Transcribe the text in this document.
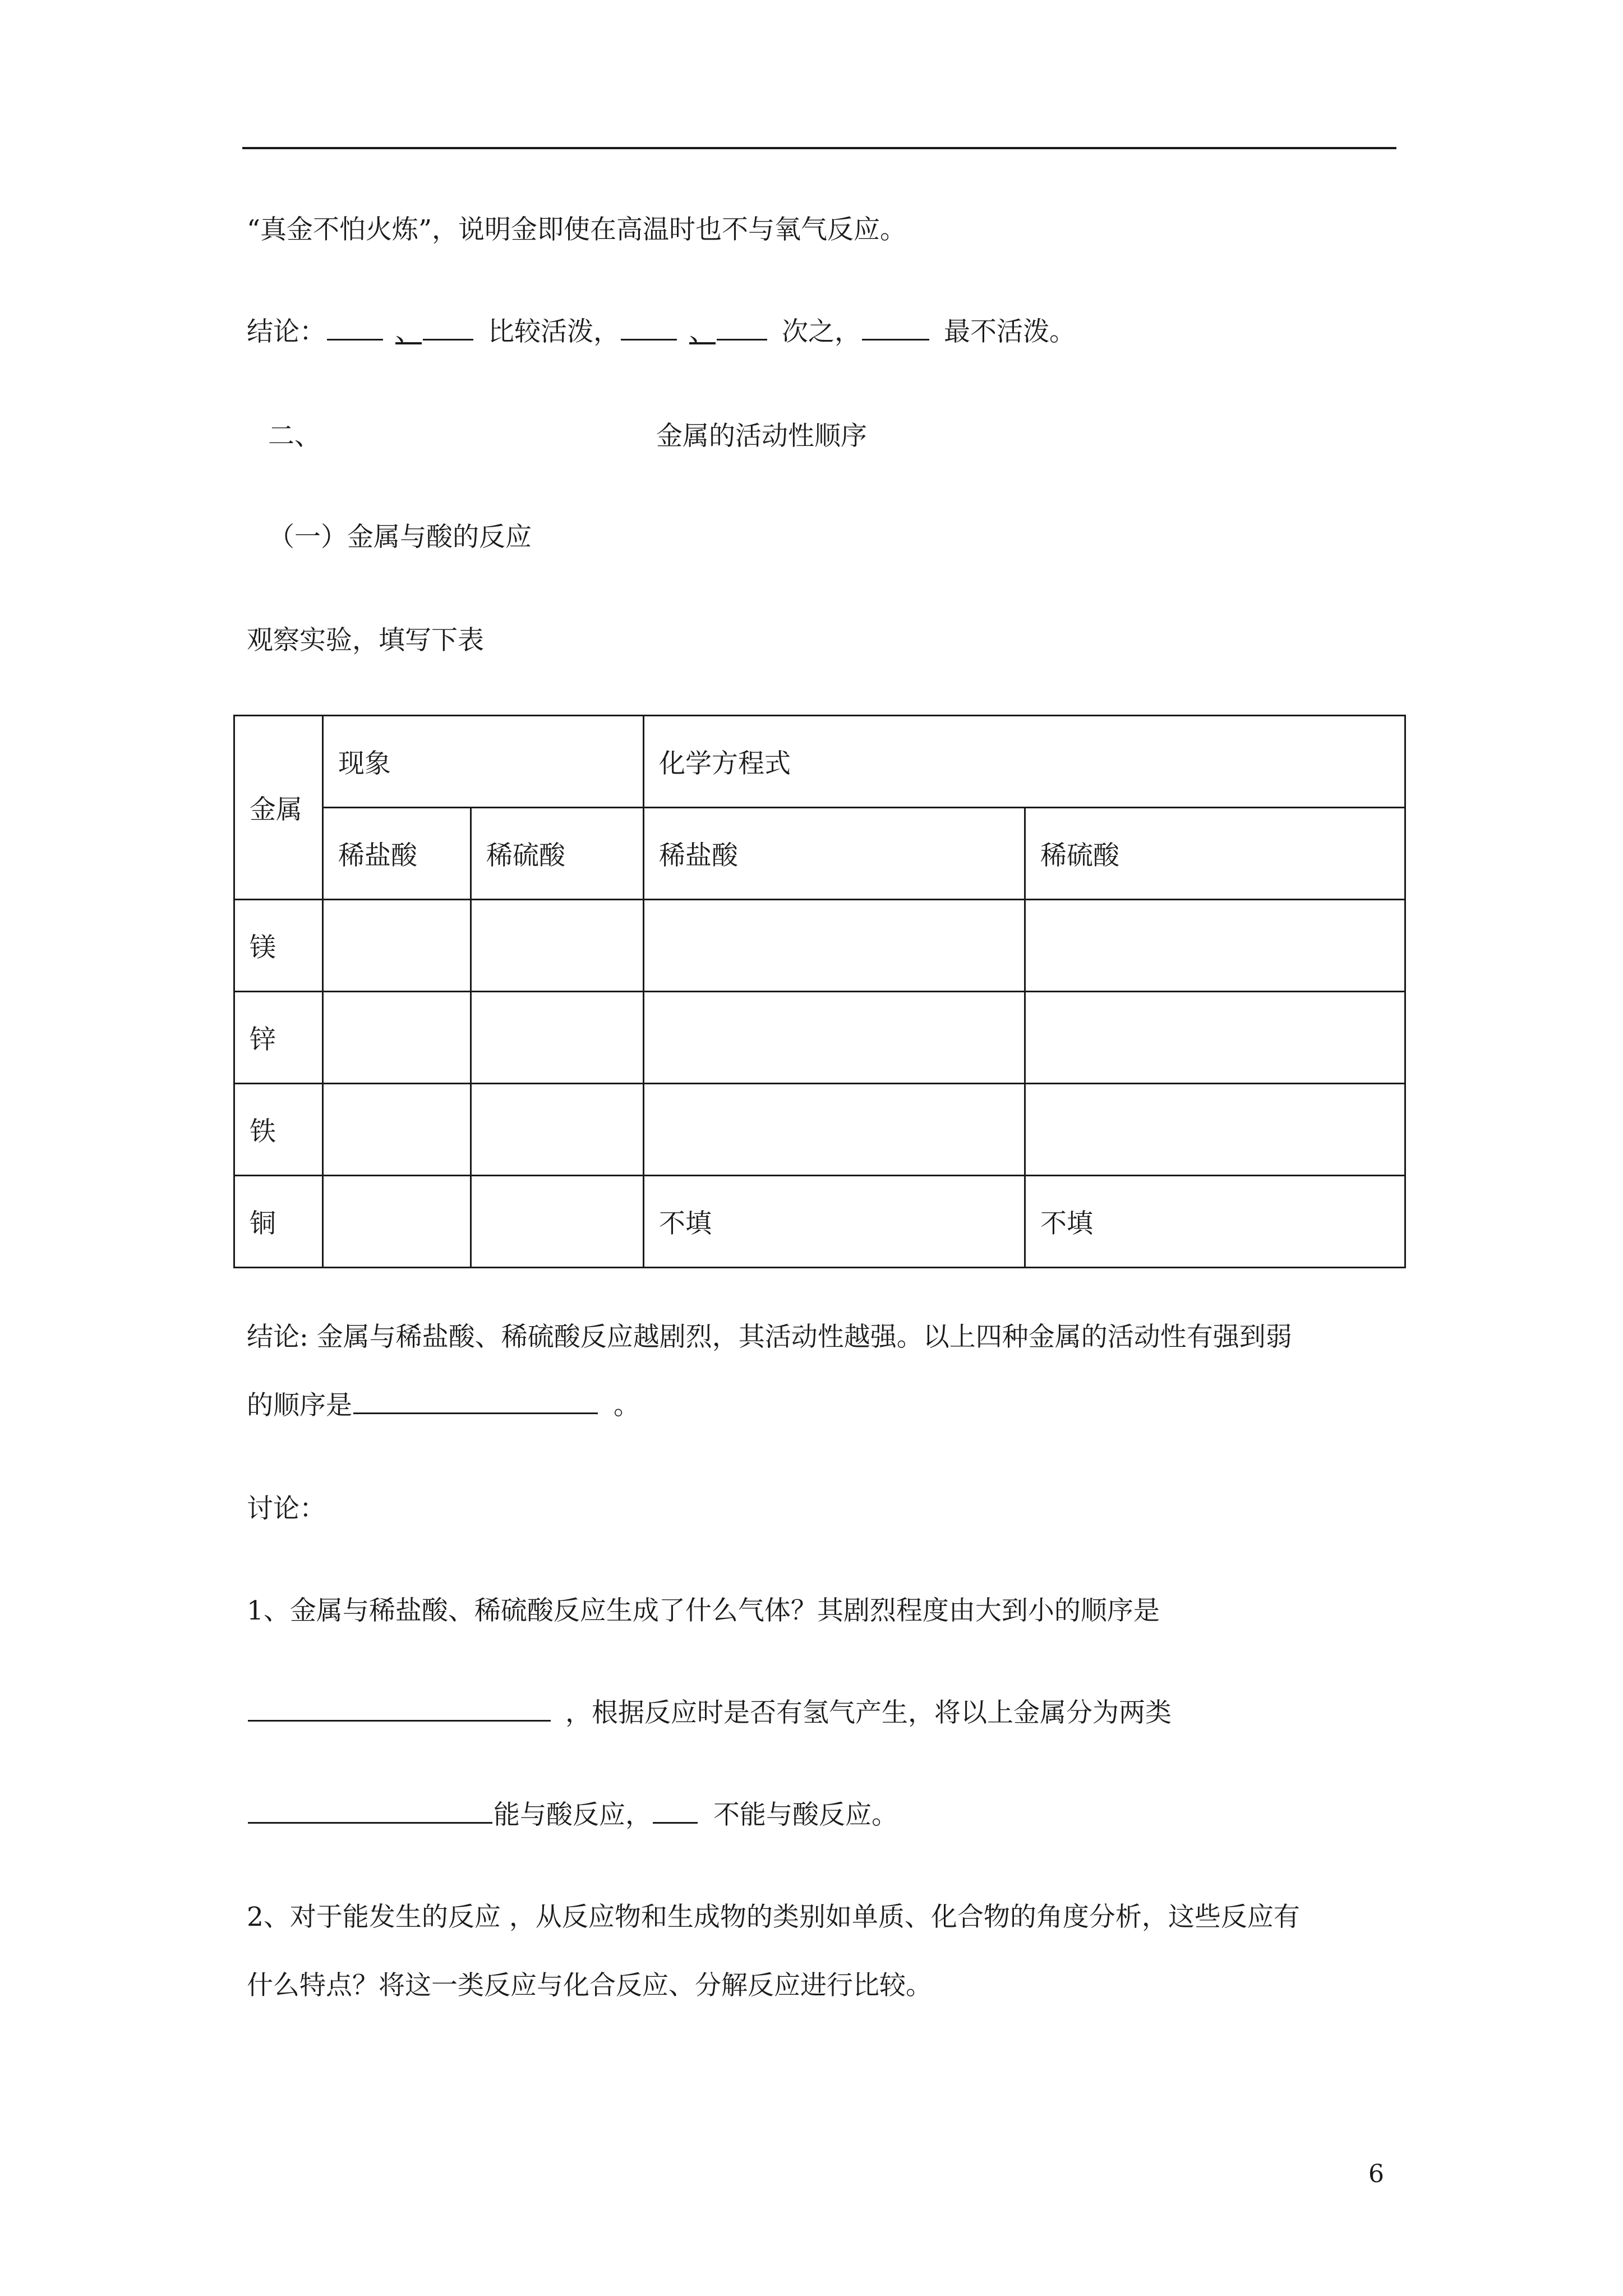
“真金不怕火炼”，说明金即使在高温时也不与氧气反应。
结论：	、	比较活泼，	、	次之，	最不活泼。
二、	金属的活动性顺序
（一）金属与酸的反应
观察实验，填写下表
金属	现象		化学方程式	
	稀盐酸	稀硫酸	稀盐酸	稀硫酸
镁				
锌				
铁				
铜			不填	不填
结论: 金属与稀盐酸、稀硫酸反应越剧烈，其活动性越强。以上四种金属的活动性有强到弱
的顺序是	。
讨论：
1、金属与稀盐酸、稀硫酸反应生成了什么气体？其剧烈程度由大到小的顺序是
，根据反应时是否有氢气产生，将以上金属分为两类
能与酸反应， 不能与酸反应。
2、对于能发生的反应 ，从反应物和生成物的类别如单质、化合物的角度分析，这些反应有
什么特点？将这一类反应与化合反应、分解反应进行比较。
6
